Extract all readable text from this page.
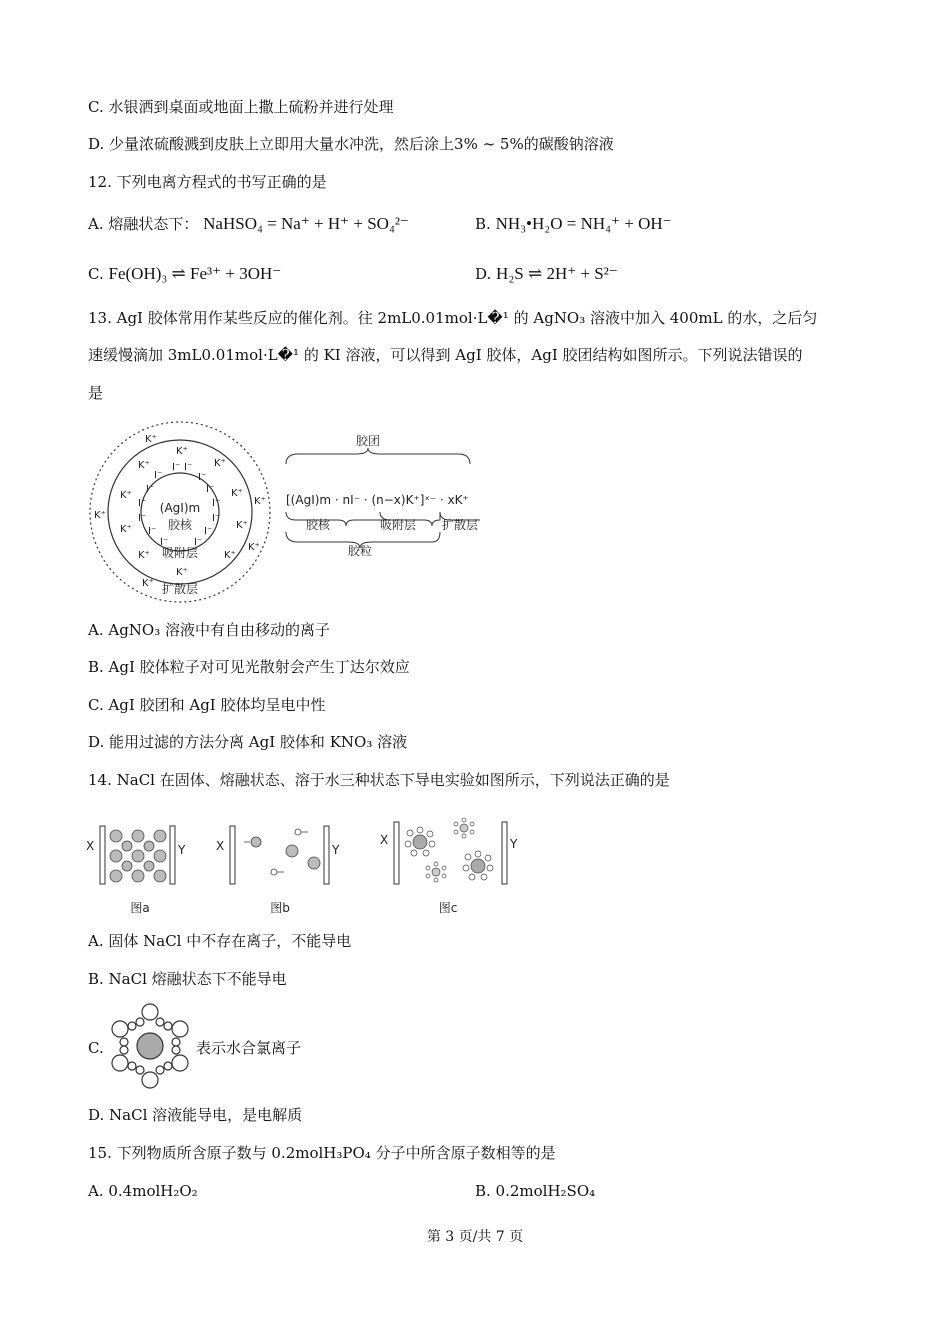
C. 水银洒到桌面或地面上撒上硫粉并进行处理
D. 少量浓硫酸溅到皮肤上立即用大量水冲洗，然后涂上3% ~ 5%的碳酸钠溶液
12. 下列电离方程式的书写正确的是
A. 熔融状态下： NaHSO₄ = Na⁺ + H⁺ + SO₄²⁻	B. NH₃•H₂O = NH₄⁺ + OH⁻
C. Fe(OH)₃ ⇌ Fe³⁺ + 3OH⁻	D. H₂S ⇌ 2H⁺ + S²⁻
13. AgI 胶体常用作某些反应的催化剂。往 2mL0.01mol·L�¹ 的 AgNO₃ 溶液中加入 400mL 的水，之后匀
速缓慢滴加 3mL0.01mol·L�¹ 的 KI 溶液，可以得到 AgI 胶体，AgI 胶团结构如图所示。下列说法错误的
是
(AgI)m
胶核
吸附层
扩散层
I⁻ I⁻
I⁻	I⁻
I⁻	I⁻
I⁻	I⁻
I⁻	I⁻
I⁻	I⁻
I⁻	I⁻
K⁺
K⁺
K⁺	K⁺
K⁺	K⁺
K⁺
K⁺
K⁺	K⁺
K⁺	K⁺
K⁺
K⁺
K⁺
胶团
[(AgI)m · nI⁻ · (n−x)K⁺]ˣ⁻ · xK⁺
胶核	吸附层 扩散层
胶粒
A. AgNO₃ 溶液中有自由移动的离子
B. AgI 胶体粒子对可见光散射会产生丁达尔效应
C. AgI 胶团和 AgI 胶体均呈电中性
D. 能用过滤的方法分离 AgI 胶体和 KNO₃ 溶液
14. NaCl 在固体、熔融状态、溶于水三种状态下导电实验如图所示，下列说法正确的是
X	Y
图a
X	Y
图b
X	Y
图c
A. 固体 NaCl 中不存在离子，不能导电
B. NaCl 熔融状态下不能导电
C.	表示水合氯离子
D. NaCl 溶液能导电，是电解质
15. 下列物质所含原子数与 0.2molH₃PO₄ 分子中所含原子数相等的是
A. 0.4molH₂O₂	B. 0.2molH₂SO₄
第 3 页/共 7 页
